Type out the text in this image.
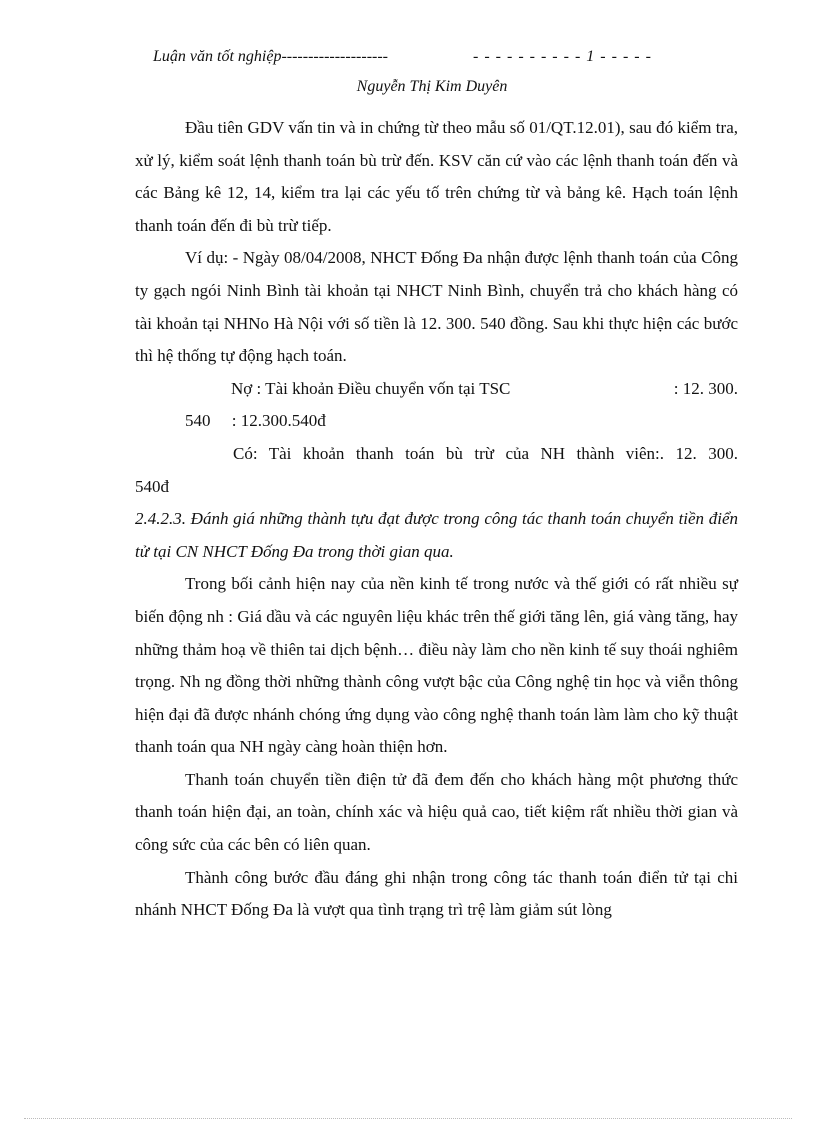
Luận văn tốt nghiệp--------------------	- - - - - - - - - - 1 - - - - -
Nguyễn Thị Kim Duyên

Đầu tiên GDV vấn tin và in chứng từ theo mẫu số 01/QT.12.01), sau đó kiểm tra, xử lý, kiểm soát lệnh thanh toán bù trừ đến. KSV căn cứ vào các lệnh thanh toán đến và các Bảng kê 12, 14, kiểm tra lại các yếu tố trên chứng từ và bảng kê. Hạch toán lệnh thanh toán đến đi bù trừ tiếp.

Ví dụ: - Ngày 08/04/2008, NHCT Đống Đa nhận được lệnh thanh toán của Công ty gạch ngói Ninh Bình tài khoản tại NHCT Ninh Bình, chuyển trả cho khách hàng có tài khoản tại NHNo Hà Nội với số tiền là 12. 300. 540 đồng. Sau khi thực hiện các bước thì hệ thống tự động hạch toán.

Nợ : Tài khoản Điều chuyển vốn tại TSC	: 12. 300.
540     : 12.300.540đ
Có: Tài khoản thanh toán bù trừ của NH thành viên:. 12. 300.
540đ

2.4.2.3. Đánh giá những thành tựu đạt được trong công tác thanh toán chuyển tiền điển tử tại CN NHCT Đống Đa trong thời gian qua.

Trong bối cảnh hiện nay của nền kinh tế trong nước và thế giới có rất nhiều sự biến động nh : Giá dầu và các nguyên liệu khác trên thế giới tăng lên, giá vàng tăng, hay những thảm hoạ về thiên tai dịch bệnh… điều này làm cho nền kinh tế suy thoái nghiêm trọng. Nh ng đồng thời những thành công vượt bậc của Công nghệ tin học và viễn thông hiện đại đã được nhánh chóng ứng dụng vào công nghệ thanh toán làm làm cho kỹ thuật thanh toán qua NH ngày càng hoàn thiện hơn.

Thanh toán chuyển tiền điện tử đã đem đến cho khách hàng một phương thức thanh toán hiện đại, an toàn, chính xác và hiệu quả cao, tiết kiệm rất nhiều thời gian và công sức của các bên có liên quan.

Thành công bước đầu đáng ghi nhận trong công tác thanh toán điển tử tại chi nhánh NHCT Đống Đa là vượt qua tình trạng trì trệ làm giảm sút lòng
